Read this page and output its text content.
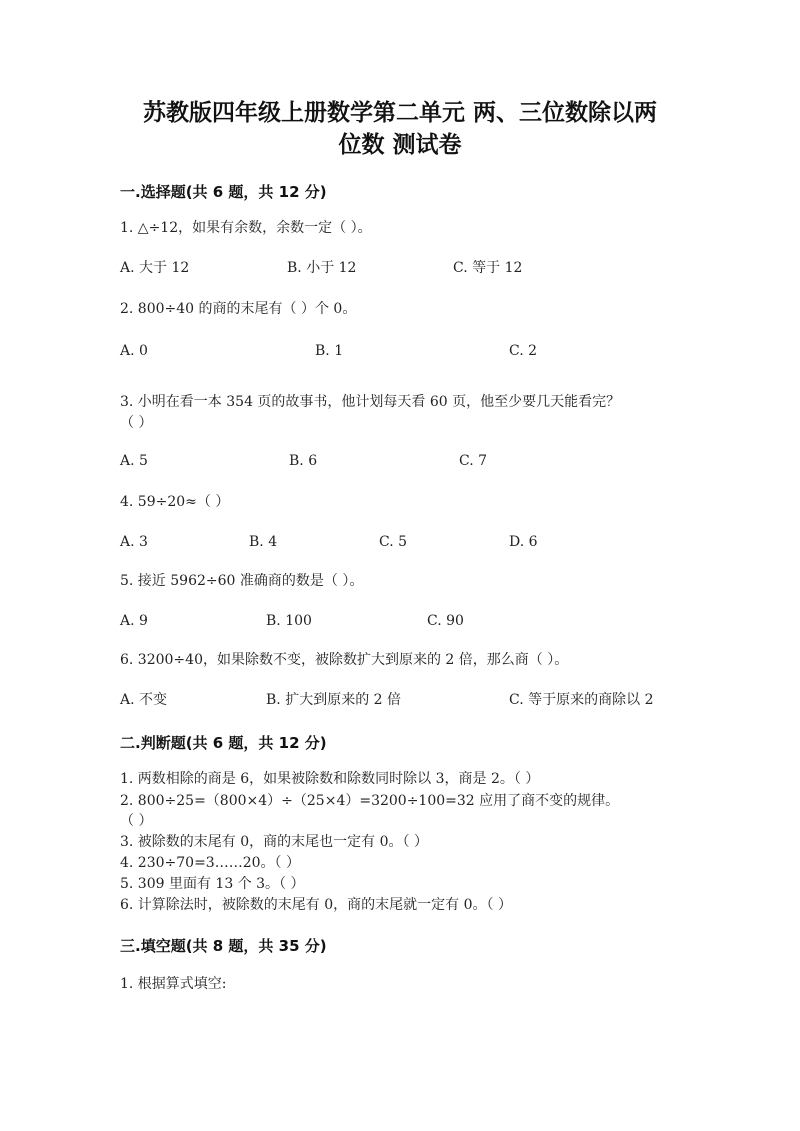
苏教版四年级上册数学第二单元 两、三位数除以两
位数 测试卷
一.选择题(共 6 题，共 12 分)
1. △÷12，如果有余数，余数一定（ ）。
A. 大于 12	B. 小于 12	C. 等于 12
2. 800÷40 的商的末尾有（ ）个 0。
A. 0	B. 1	C. 2
3. 小明在看一本 354 页的故事书，他计划每天看 60 页，他至少要几天能看完？
（ ）
A. 5	B. 6	C. 7
4. 59÷20≈（ ）
A. 3	B. 4	C. 5	D. 6
5. 接近 5962÷60 准确商的数是（ ）。
A. 9	B. 100	C. 90
6. 3200÷40，如果除数不变，被除数扩大到原来的 2 倍，那么商（ ）。
A. 不变	B. 扩大到原来的 2 倍	C. 等于原来的商除以 2
二.判断题(共 6 题，共 12 分)
1. 两数相除的商是 6，如果被除数和除数同时除以 3，商是 2。（ ）
2. 800÷25=（800×4）÷（25×4）=3200÷100=32 应用了商不变的规律。
（ ）
3. 被除数的末尾有 0，商的末尾也一定有 0。（ ）
4. 230÷70=3……20。（ ）
5. 309 里面有 13 个 3。（ ）
6. 计算除法时，被除数的末尾有 0，商的末尾就一定有 0。（ ）
三.填空题(共 8 题，共 35 分)
1. 根据算式填空:
